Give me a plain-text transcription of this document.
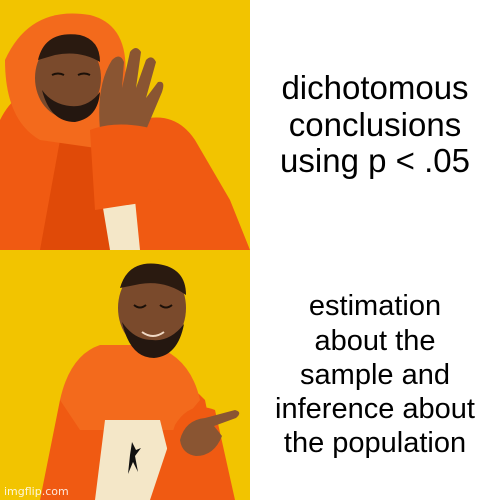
dichotomous
conclusions
using p < .05
estimation
about the
sample and
inference about
the population
imgflip.com
